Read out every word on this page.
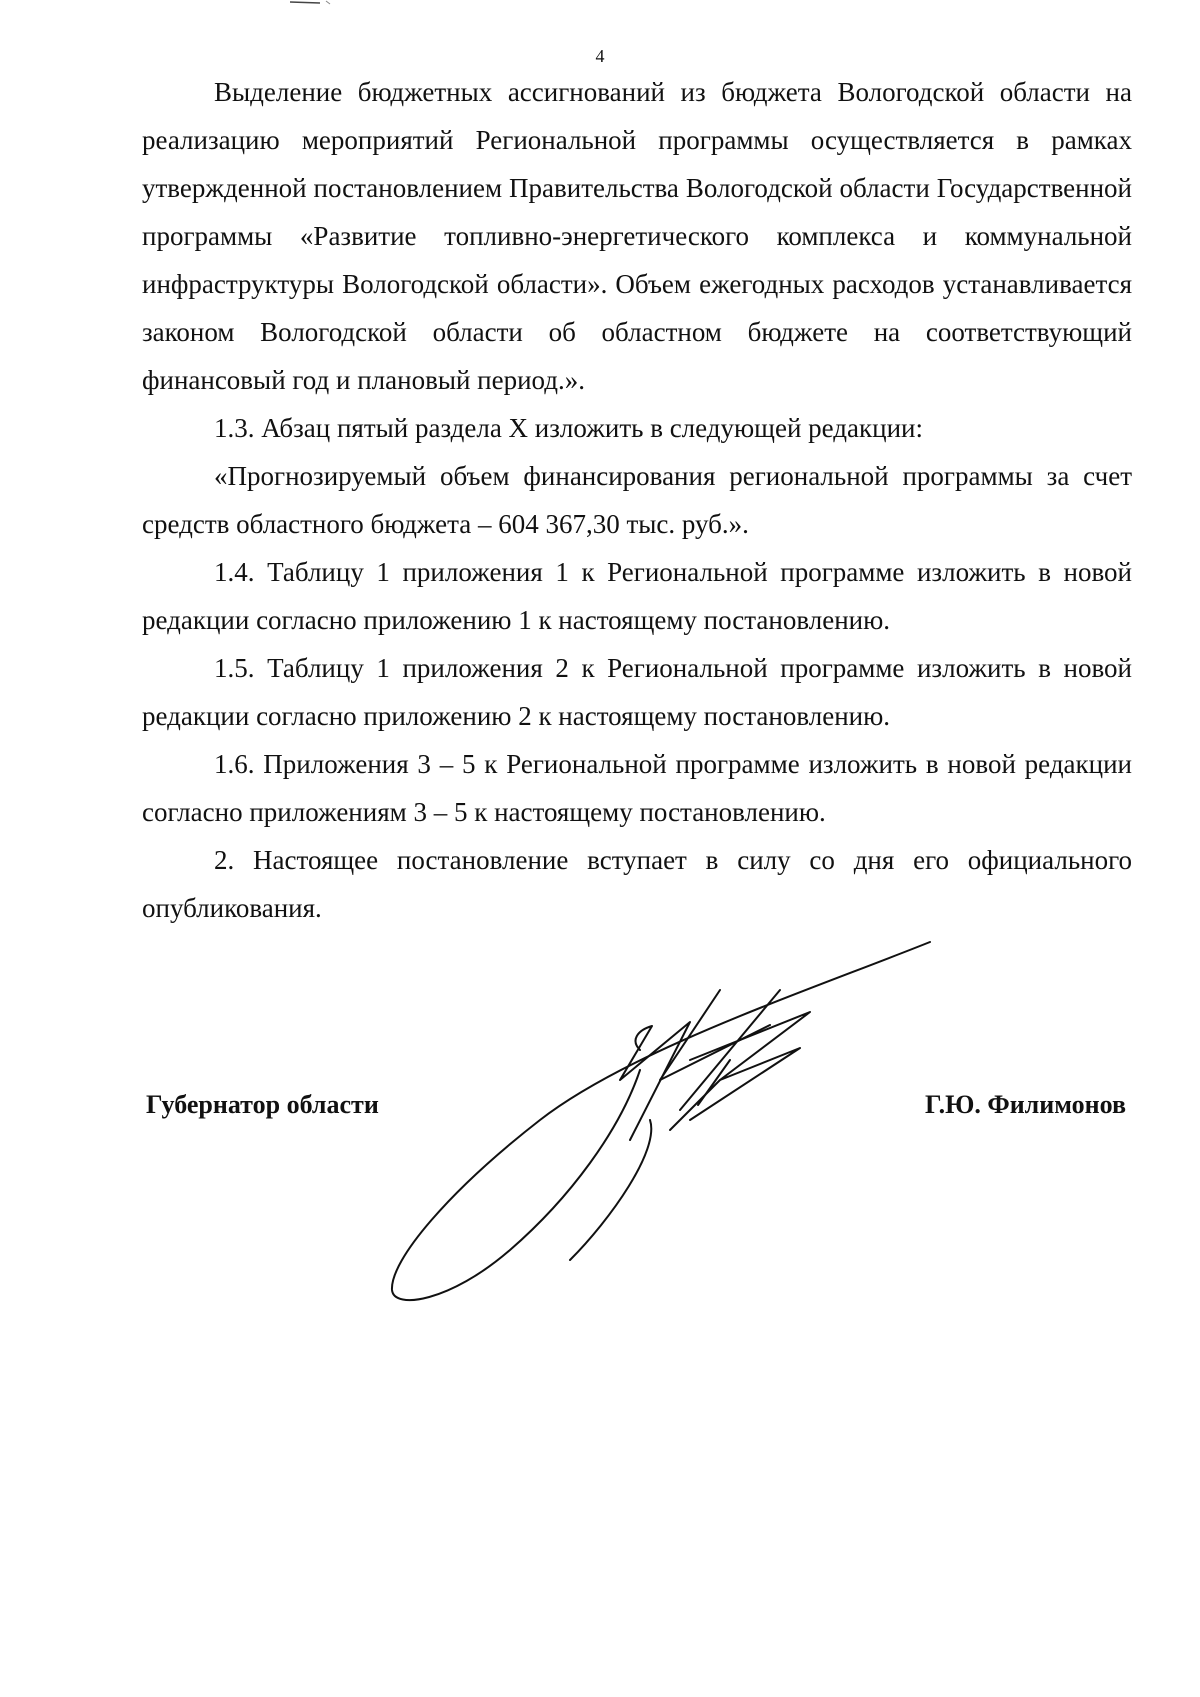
4

Выделение бюджетных ассигнований из бюджета Вологодской области на реализацию мероприятий Региональной программы осуществляется в рамках утвержденной постановлением Правительства Вологодской области Государственной программы «Развитие топливно-энергетического комплекса и коммунальной инфраструктуры Вологодской области». Объем ежегодных расходов устанавливается законом Вологодской области об областном бюджете на соответствующий финансовый год и плановый период.».

1.3. Абзац пятый раздела X изложить в следующей редакции:

«Прогнозируемый объем финансирования региональной программы за счет средств областного бюджета – 604 367,30 тыс. руб.».

1.4. Таблицу 1 приложения 1 к Региональной программе изложить в новой редакции согласно приложению 1 к настоящему постановлению.

1.5. Таблицу 1 приложения 2 к Региональной программе изложить в новой редакции согласно приложению 2 к настоящему постановлению.

1.6. Приложения 3 – 5 к Региональной программе изложить в новой редакции согласно приложениям 3 – 5 к настоящему постановлению.

2. Настоящее постановление вступает в силу со дня его официального опубликования.

Губернатор области	Г.Ю. Филимонов
